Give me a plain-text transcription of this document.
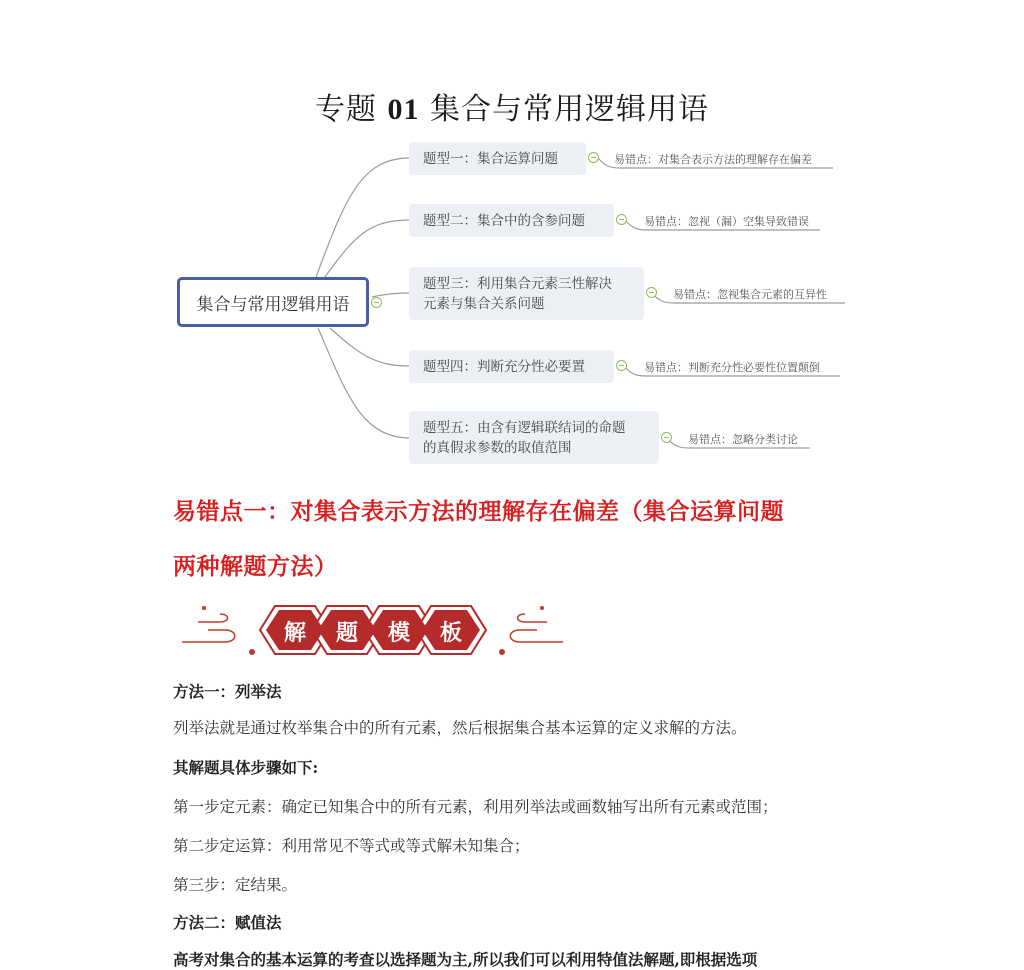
专题 01 集合与常用逻辑用语
集合与常用逻辑用语
题型一：集合运算问题	易错点：对集合表示方法的理解存在偏差
题型二：集合中的含参问题	易错点：忽视（漏）空集导致错误
题型三：利用集合元素三性解决
元素与集合关系问题
易错点：忽视集合元素的互异性
题型四：判断充分性必要置	易错点：判断充分性必要性位置颠倒
题型五：由含有逻辑联结词的命题
的真假求参数的取值范围	易错点：忽略分类讨论
易错点一：对集合表示方法的理解存在偏差（集合运算问题
两种解题方法）
解	题	模	板
方法一：列举法
列举法就是通过枚举集合中的所有元素，然后根据集合基本运算的定义求解的方法。
其解题具体步骤如下:
第一步定元素：确定已知集合中的所有元素，利用列举法或画数轴写出所有元素或范围；
第二步定运算：利用常见不等式或等式解未知集合；
第三步：定结果。
方法二：赋值法
高考对集合的基本运算的考查以选择题为主,所以我们可以利用特值法解题,即根据选项
